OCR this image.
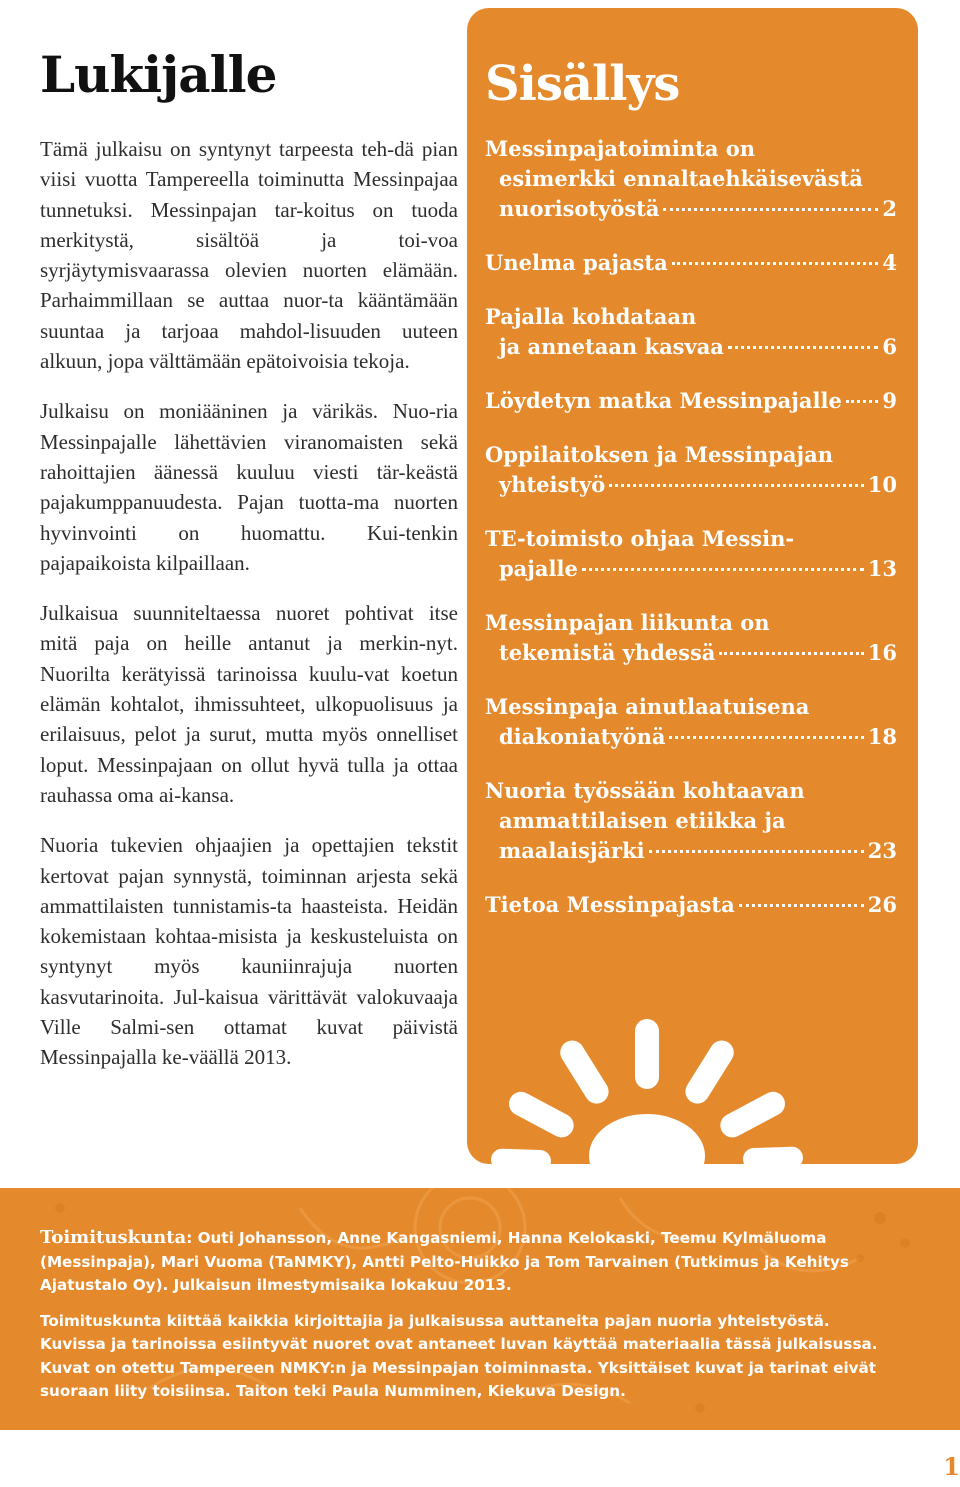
Lukijalle

Tämä julkaisu on syntynyt tarpeesta teh-dä pian viisi vuotta Tampereella toiminutta Messinpajaa tunnetuksi. Messinpajan tar-koitus on tuoda merkitystä, sisältöä ja toi-voa syrjäytymisvaarassa olevien nuorten elämään. Parhaimmillaan se auttaa nuor-ta kääntämään suuntaa ja tarjoaa mahdol-lisuuden uuteen alkuun, jopa välttämään epätoivoisia tekoja.

Julkaisu on moniääninen ja värikäs. Nuo-ria Messinpajalle lähettävien viranomaisten sekä rahoittajien äänessä kuuluu viesti tär-keästä pajakumppanuudesta. Pajan tuotta-ma nuorten hyvinvointi on huomattu. Kui-tenkin pajapaikoista kilpaillaan.

Julkaisua suunniteltaessa nuoret pohtivat itse mitä paja on heille antanut ja merkin-nyt. Nuorilta kerätyissä tarinoissa kuulu-vat koetun elämän kohtalot, ihmissuhteet, ulkopuolisuus ja erilaisuus, pelot ja surut, mutta myös onnelliset loput. Messinpajaan on ollut hyvä tulla ja ottaa rauhassa oma ai-kansa.

Nuoria tukevien ohjaajien ja opettajien tekstit kertovat pajan synnystä, toiminnan arjesta sekä ammattilaisten tunnistamis-ta haasteista. Heidän kokemistaan kohtaa-misista ja keskusteluista on syntynyt myös kauniinrajuja nuorten kasvutarinoita. Jul-kaisua värittävät valokuvaaja Ville Salmi-sen ottamat kuvat päivistä Messinpajalla ke-väällä 2013.

Sisällys
Messinpajatoiminta on
esimerkki ennaltaehkäisevästä
nuorisotyöstä	2
Unelma pajasta	4
Pajalla kohdataan
ja annetaan kasvaa	6
Löydetyn matka Messinpajalle 9
Oppilaitoksen ja Messinpajan
yhteistyö	10
TE-toimisto ohjaa Messin-
pajalle	13
Messinpajan liikunta on
tekemistä yhdessä	16
Messinpaja ainutlaatuisena
diakoniatyönä	18
Nuoria työssään kohtaavan
ammattilaisen etiikka ja
maalaisjärki	23
Tietoa Messinpajasta	26

Toimituskunta: Outi Johansson, Anne Kangasniemi, Hanna Kelokaski, Teemu Kylmäluoma (Messinpaja), Mari Vuoma (TaNMKY), Antti Pelto-Huikko ja Tom Tarvainen (Tutkimus ja Kehitys Ajatustalo Oy). Julkaisun ilmestymisaika lokakuu 2013.

Toimituskunta kiittää kaikkia kirjoittajia ja julkaisussa auttaneita pajan nuoria yhteistyöstä. Kuvissa ja tarinoissa esiintyvät nuoret ovat antaneet luvan käyttää materiaalia tässä julkaisussa. Kuvat on otettu Tampereen NMKY:n ja Messinpajan toiminnasta. Yksittäiset kuvat ja tarinat eivät suoraan liity toisiinsa. Taiton teki Paula Numminen, Kiekuva Design.

1
